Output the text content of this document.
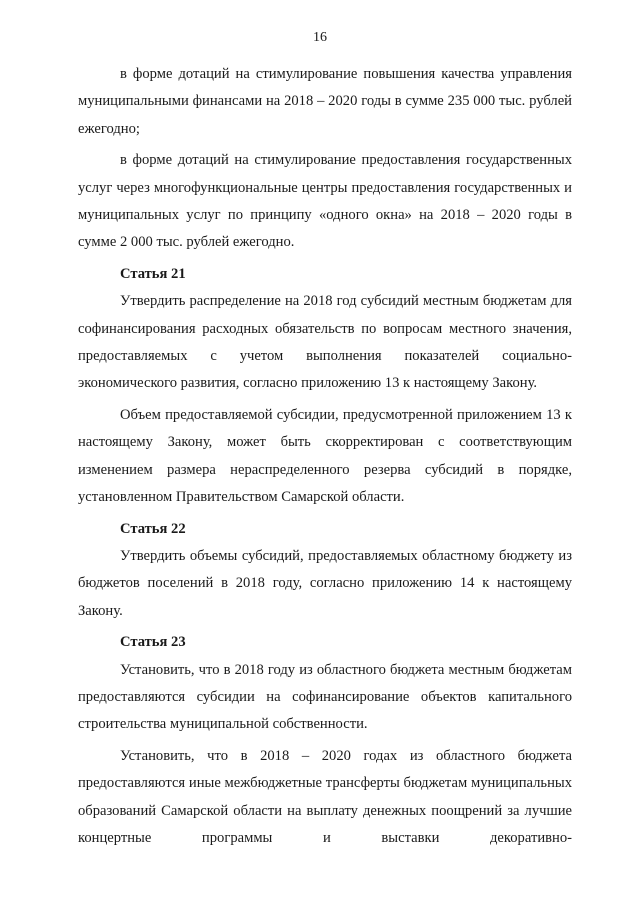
16

в форме дотаций на стимулирование повышения качества управления муниципальными финансами на 2018 – 2020 годы в сумме 235 000 тыс. рублей ежегодно;

в форме дотаций на стимулирование предоставления государственных услуг через многофункциональные центры предоставления государственных и муниципальных услуг по принципу «одного окна» на 2018 – 2020 годы в сумме 2 000 тыс. рублей ежегодно.

Статья 21

Утвердить распределение на 2018 год субсидий местным бюджетам для софинансирования расходных обязательств по вопросам местного значения, предоставляемых с учетом выполнения показателей социально-экономического развития, согласно приложению 13 к настоящему Закону.

Объем предоставляемой субсидии, предусмотренной приложением 13 к настоящему Закону, может быть скорректирован с соответствующим изменением размера нераспределенного резерва субсидий в порядке, установленном Правительством Самарской области.

Статья 22

Утвердить объемы субсидий, предоставляемых областному бюджету из бюджетов поселений в 2018 году, согласно приложению 14 к настоящему Закону.

Статья 23

Установить, что в 2018 году из областного бюджета местным бюджетам предоставляются субсидии на софинансирование объектов капитального строительства муниципальной собственности.

Установить, что в 2018 – 2020 годах из областного бюджета предоставляются иные межбюджетные трансферты бюджетам муниципальных образований Самарской области на выплату денежных поощрений за лучшие концертные программы и выставки декоративно-
